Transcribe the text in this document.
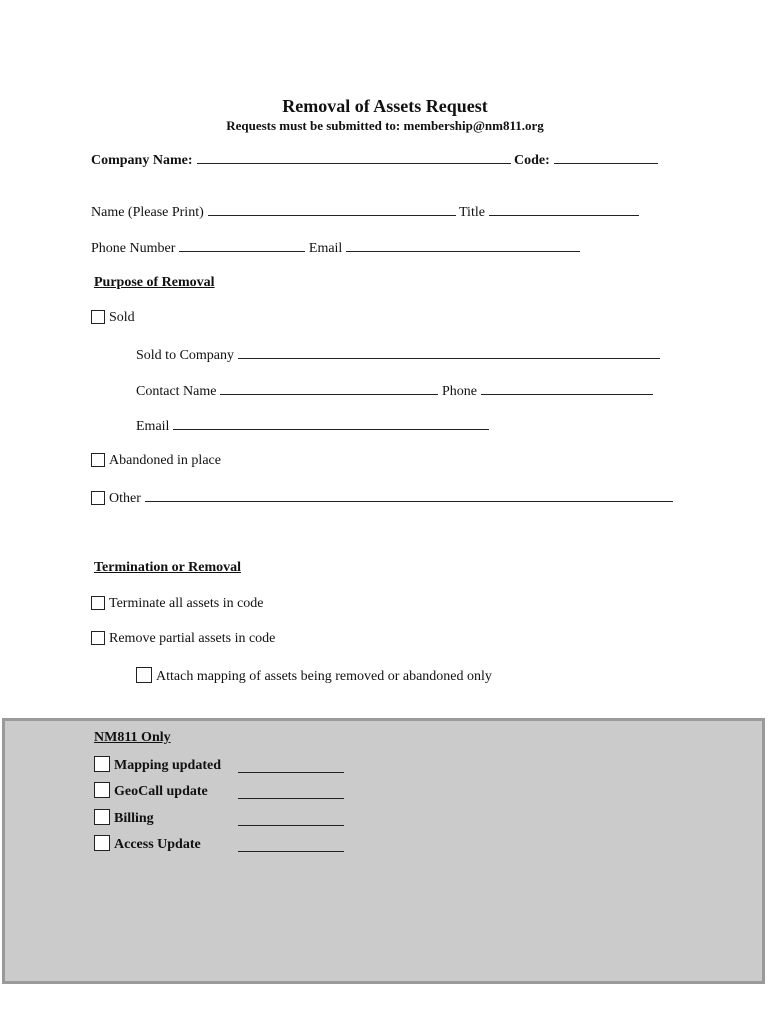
Removal of Assets Request
Requests must be submitted to: membership@nm811.org
Company Name:	Code:
Name (Please Print)	Title
Phone Number	Email
Purpose of Removal
Sold
Sold to Company
Contact Name	Phone
Email
Abandoned in place
Other
Termination or Removal
Terminate all assets in code
Remove partial assets in code
Attach mapping of assets being removed or abandoned only
NM811 Only
Mapping updated
GeoCall update
Billing
Access Update
